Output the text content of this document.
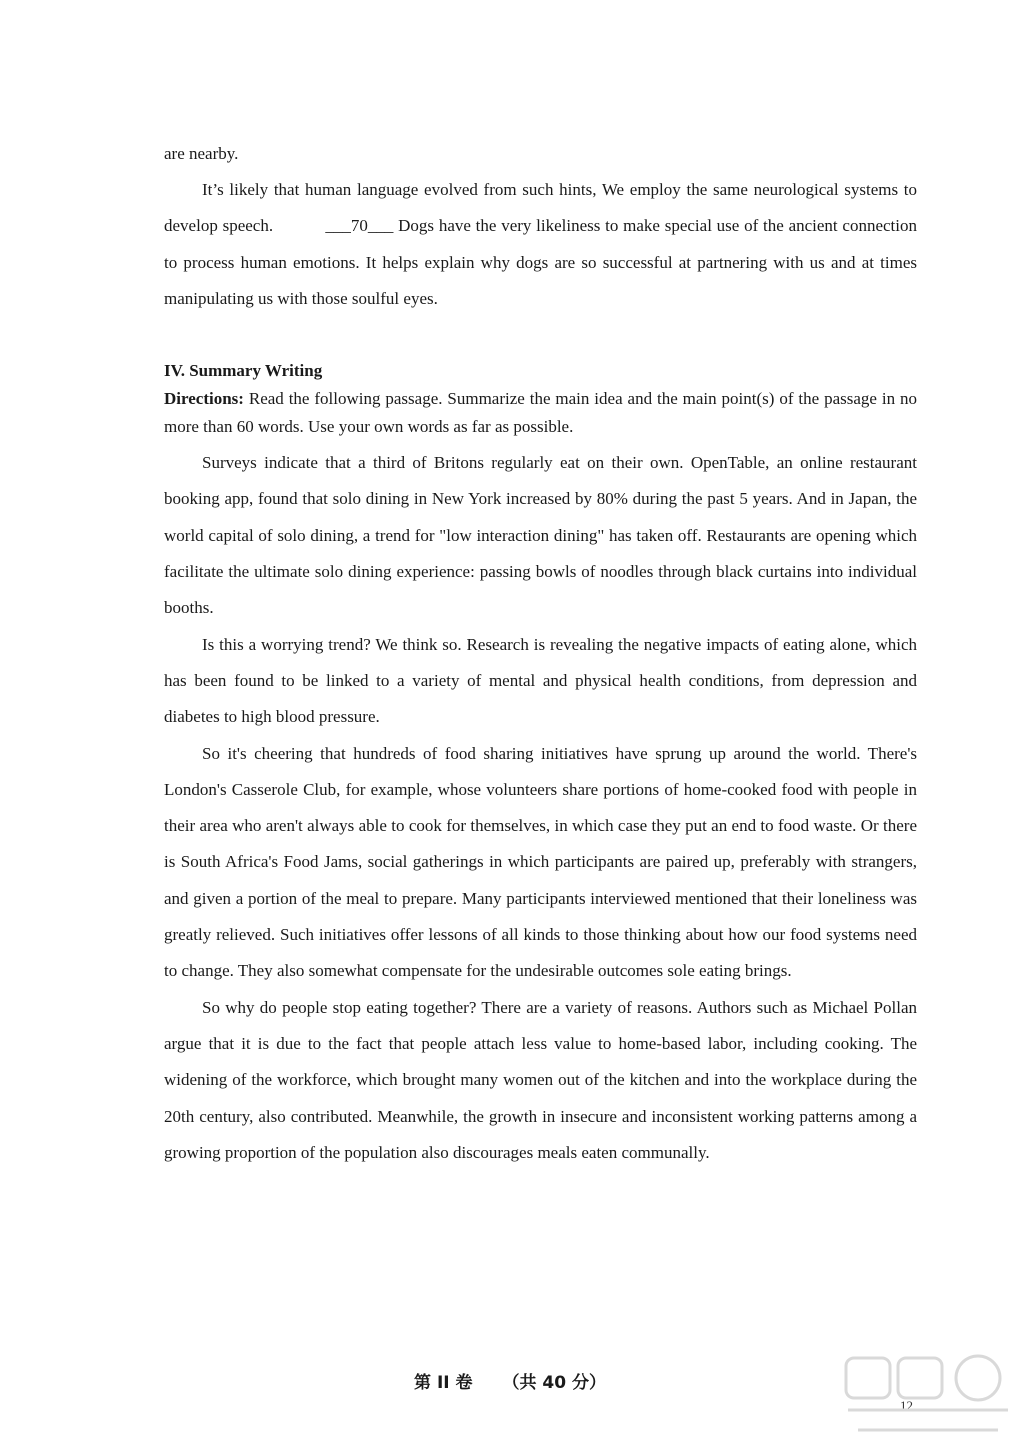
are nearby.

It’s likely that human language evolved from such hints, We employ the same neurological systems to develop speech.	___70___ Dogs have the very likeliness to make special use of the ancient connection to process human emotions. It helps explain why dogs are so successful at partnering with us and at times manipulating us with those soulful eyes.

IV. Summary Writing

Directions: Read the following passage. Summarize the main idea and the main point(s) of the passage in no more than 60 words. Use your own words as far as possible.

Surveys indicate that a third of Britons regularly eat on their own. OpenTable, an online restaurant booking app, found that solo dining in New York increased by 80% during the past 5 years. And in Japan, the world capital of solo dining, a trend for "low interaction dining" has taken off. Restaurants are opening which facilitate the ultimate solo dining experience: passing bowls of noodles through black curtains into individual booths.

Is this a worrying trend? We think so. Research is revealing the negative impacts of eating alone, which has been found to be linked to a variety of mental and physical health conditions, from depression and diabetes to high blood pressure.

So it's cheering that hundreds of food sharing initiatives have sprung up around the world. There's London's Casserole Club, for example, whose volunteers share portions of home-cooked food with people in their area who aren't always able to cook for themselves, in which case they put an end to food waste. Or there is South Africa's Food Jams, social gatherings in which participants are paired up, preferably with strangers, and given a portion of the meal to prepare. Many participants interviewed mentioned that their loneliness was greatly relieved. Such initiatives offer lessons of all kinds to those thinking about how our food systems need to change. They also somewhat compensate for the undesirable outcomes sole eating brings.

So why do people stop eating together? There are a variety of reasons. Authors such as Michael Pollan argue that it is due to the fact that people attach less value to home-based labor, including cooking. The widening of the workforce, which brought many women out of the kitchen and into the workplace during the 20th century, also contributed. Meanwhile, the growth in insecure and inconsistent working patterns among a growing proportion of the population also discourages meals eaten communally.

第 II 卷 （共 40 分）
12
